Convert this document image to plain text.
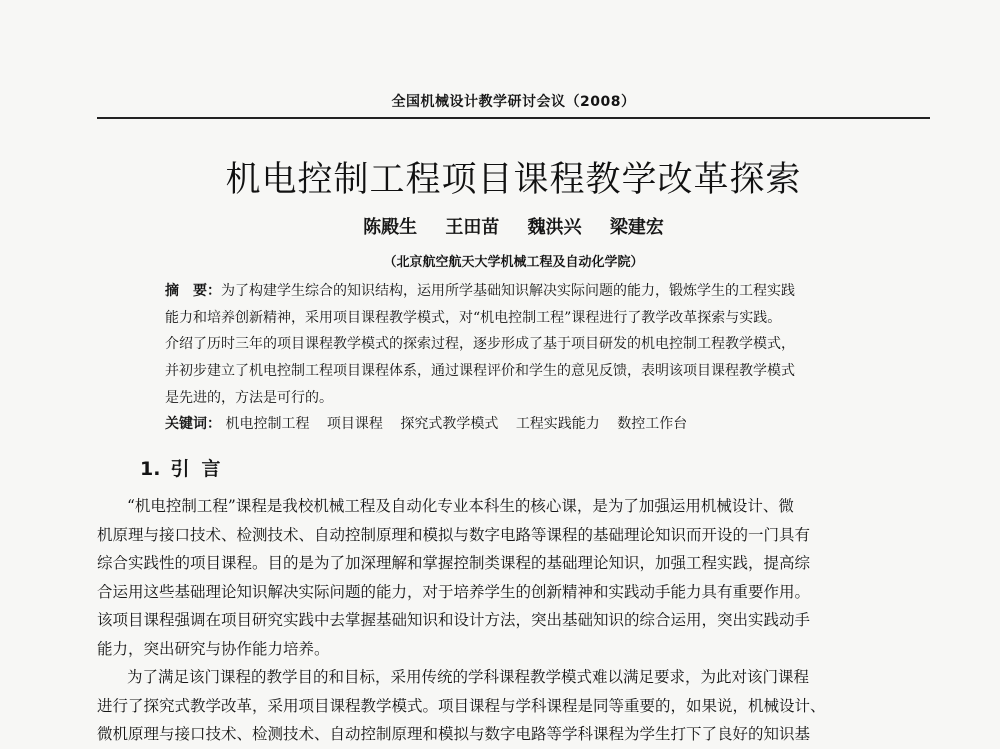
全国机械设计教学研讨会议（2008）
机电控制工程项目课程教学改革探索
陈殿生 王田苗 魏洪兴 梁建宏
（北京航空航天大学机械工程及自动化学院）

摘　要：为了构建学生综合的知识结构，运用所学基础知识解决实际问题的能力，锻炼学生的工程实践

能力和培养创新精神，采用项目课程教学模式，对“机电控制工程”课程进行了教学改革探索与实践。

介绍了历时三年的项目课程教学模式的探索过程，逐步形成了基于项目研发的机电控制工程教学模式，

并初步建立了机电控制工程项目课程体系，通过课程评价和学生的意见反馈，表明该项目课程教学模式

是先进的，方法是可行的。

关键词： 机电控制工程 项目课程 探究式教学模式 工程实践能力 数控工作台
1. 引言

“机电控制工程”课程是我校机械工程及自动化专业本科生的核心课，是为了加强运用机械设计、微

机原理与接口技术、检测技术、自动控制原理和模拟与数字电路等课程的基础理论知识而开设的一门具有

综合实践性的项目课程。目的是为了加深理解和掌握控制类课程的基础理论知识，加强工程实践，提高综

合运用这些基础理论知识解决实际问题的能力，对于培养学生的创新精神和实践动手能力具有重要作用。

该项目课程强调在项目研究实践中去掌握基础知识和设计方法，突出基础知识的综合运用，突出实践动手

能力，突出研究与协作能力培养。

为了满足该门课程的教学目的和目标，采用传统的学科课程教学模式难以满足要求，为此对该门课程

进行了探究式教学改革，采用项目课程教学模式。项目课程与学科课程是同等重要的，如果说，机械设计、

微机原理与接口技术、检测技术、自动控制原理和模拟与数字电路等学科课程为学生打下了良好的知识基
